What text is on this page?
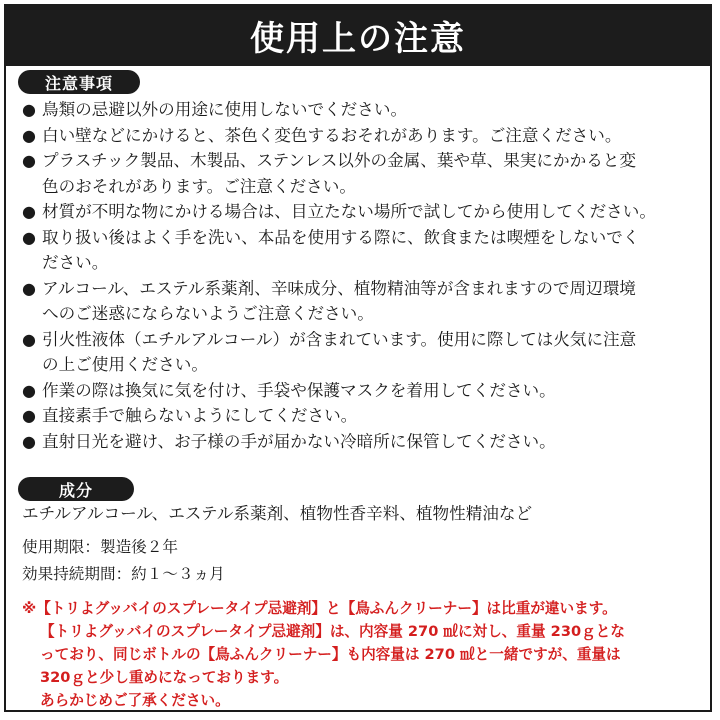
使用上の注意
注意事項
● 鳥類の忌避以外の用途に使用しないでください。
● 白い壁などにかけると、茶色く変色するおそれがあります。ご注意ください。
● プラスチック製品、木製品、ステンレス以外の金属、葉や草、果実にかかると変
色のおそれがあります。ご注意ください。
● 材質が不明な物にかける場合は、目立たない場所で試してから使用してください。
● 取り扱い後はよく手を洗い、本品を使用する際に、飲食または喫煙をしないでく
ださい。
● アルコール、エステル系薬剤、辛味成分、植物精油等が含まれますので周辺環境
へのご迷惑にならないようご注意ください。
● 引火性液体（エチルアルコール）が含まれています。使用に際しては火気に注意
の上ご使用ください。
● 作業の際は換気に気を付け、手袋や保護マスクを着用してください。
● 直接素手で触らないようにしてください。
● 直射日光を避け、お子様の手が届かない冷暗所に保管してください。
成分
エチルアルコール、エステル系薬剤、植物性香辛料、植物性精油など
使用期限：製造後２年
効果持続期間：約１～３ヵ月

※【トリよグッバイのスプレータイプ忌避剤】と【鳥ふんクリーナー】は比重が違います。

【トリよグッバイのスプレータイプ忌避剤】は、内容量 270 ㎖に対し、重量 230ｇとな

っており、同じボトルの【鳥ふんクリーナー】も内容量は 270 ㎖と一緒ですが、重量は

320ｇと少し重めになっております。

あらかじめご了承ください。
